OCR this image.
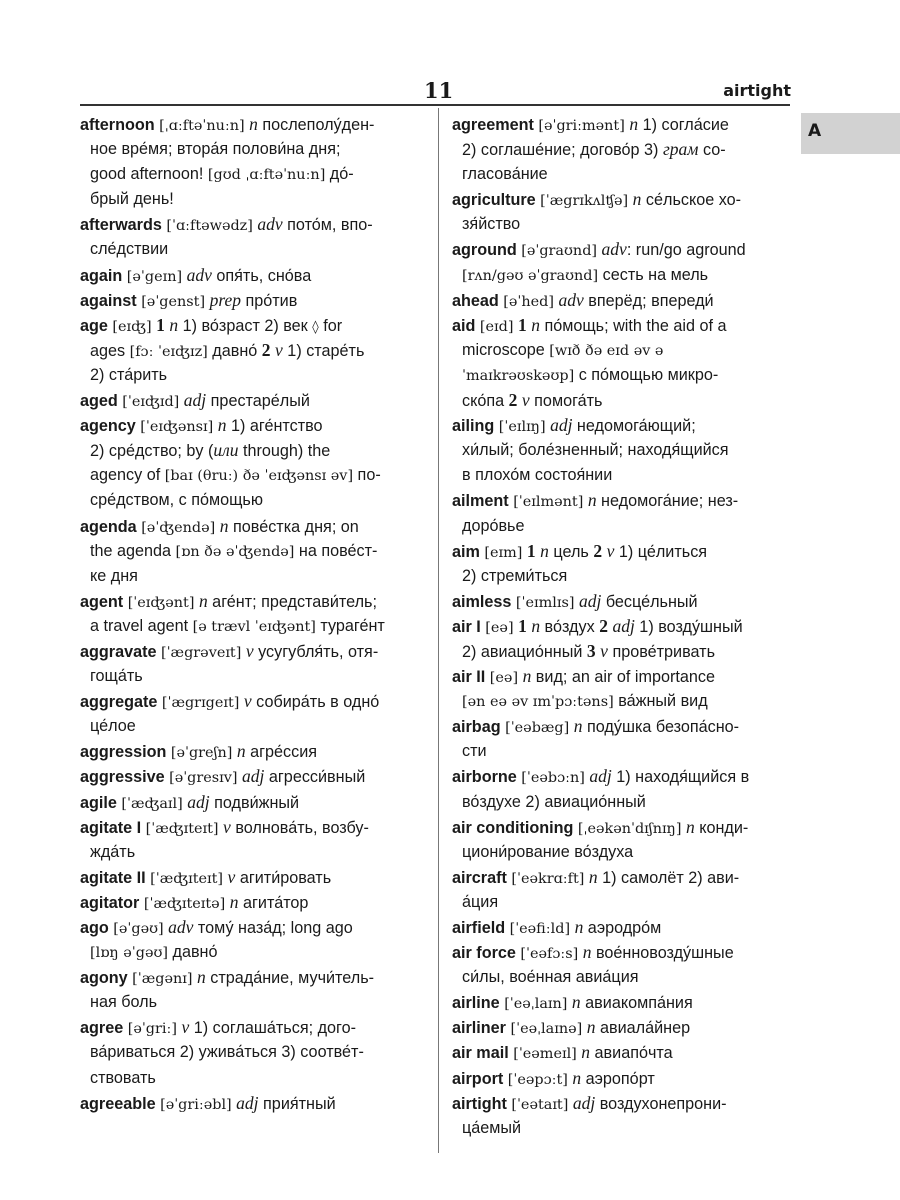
11	airtight
A
afternoon [ˌɑːftəˈnuːn] n послеполу́ден-
ное вре́мя; втора́я полови́на дня;
good afternoon! [gʊd ˌɑːftəˈnuːn] до́-
брый день!
afterwards [ˈɑːftəwədz] adv пото́м, впо-
сле́дствии
again [əˈgeɪn] adv опя́ть, сно́ва
against [əˈgenst] prep про́тив
age [eɪʤ] 1 n 1) во́зраст 2) век ◊ for
ages [fɔː ˈeɪʤɪz] давно́ 2 v 1) старе́ть
2) ста́рить
aged [ˈeɪʤɪd] adj престаре́лый
agency [ˈeɪʤənsɪ] n 1) аге́нтство
2) сре́дство; by (или through) the
agency of [baɪ (θruː) ðə ˈeɪʤənsɪ əv] по-
сре́дством, с по́мощью
agenda [əˈʤendə] n пове́стка дня; on
the agenda [ɒn ðə əˈʤendə] на пове́ст-
ке дня
agent [ˈeɪʤənt] n аге́нт; представи́тель;
a travel agent [ə trævl ˈeɪʤənt] тураге́нт
aggravate [ˈægrəveɪt] v усугубля́ть, отя-
гоща́ть
aggregate [ˈægrɪgeɪt] v собира́ть в одно́
це́лое
aggression [əˈgreʃn] n агре́ссия
aggressive [əˈgresɪv] adj агресси́вный
agile [ˈæʤaɪl] adj подви́жный
agitate I [ˈæʤɪteɪt] v волнова́ть, возбу-
жда́ть
agitate II [ˈæʤɪteɪt] v агити́ровать
agitator [ˈæʤɪteɪtə] n агита́тор
ago [əˈgəʊ] adv тому́ наза́д; long ago
[lɒŋ əˈgəʊ] давно́
agony [ˈægənɪ] n страда́ние, мучи́тель-
ная боль
agree [əˈgriː] v 1) соглаша́ться; дого-
ва́риваться 2) ужива́ться 3) соотве́т-
ствовать
agreeable [əˈgriːəbl] adj прия́тный
agreement [əˈgriːmənt] n 1) согла́сие
2) соглаше́ние; догово́р 3) грам со-
гласова́ние
agriculture [ˈægrɪkʌlʧə] n се́льское хо-
зя́йство
aground [əˈgraʊnd] adv: run/go aground
[rʌn/gəʊ əˈgraʊnd] сесть на мель
ahead [əˈhed] adv вперёд; впереди́
aid [eɪd] 1 n по́мощь; with the aid of a
microscope [wɪð ðə eɪd əv ə
ˈmaɪkrəʊskəʊp] с по́мощью микро-
ско́па 2 v помога́ть
ailing [ˈeɪlɪŋ] adj недомога́ющий;
хи́лый; боле́зненный; находя́щийся
в плохо́м состоя́нии
ailment [ˈeɪlmənt] n недомога́ние; нез-
доро́вье
aim [eɪm] 1 n цель 2 v 1) це́литься
2) стреми́ться
aimless [ˈeɪmlɪs] adj бесце́льный
air I [eə] 1 n во́здух 2 adj 1) возду́шный
2) авиацио́нный 3 v прове́тривать
air II [eə] n вид; an air of importance
[ən eə əv ɪmˈpɔːtəns] ва́жный вид
airbag [ˈeəbæg] n поду́шка безопа́сно-
сти
airborne [ˈeəbɔːn] adj 1) находя́щийся в
во́здухе 2) авиацио́нный
air conditioning [ˌeəkənˈdɪʃnɪŋ] n конди-
циони́рование во́здуха
aircraft [ˈeəkrɑːft] n 1) самолёт 2) ави-
а́ция
airfield [ˈeəfiːld] n аэродро́м
air force [ˈeəfɔːs] n вое́нновозду́шные
си́лы, вое́нная авиа́ция
airline [ˈeəˌlaɪn] n авиакомпа́ния
airliner [ˈeəˌlaɪnə] n авиала́йнер
air mail [ˈeəmeɪl] n авиапо́чта
airport [ˈeəpɔːt] n аэропо́рт
airtight [ˈeətaɪt] adj воздухонепрони-
ца́емый
